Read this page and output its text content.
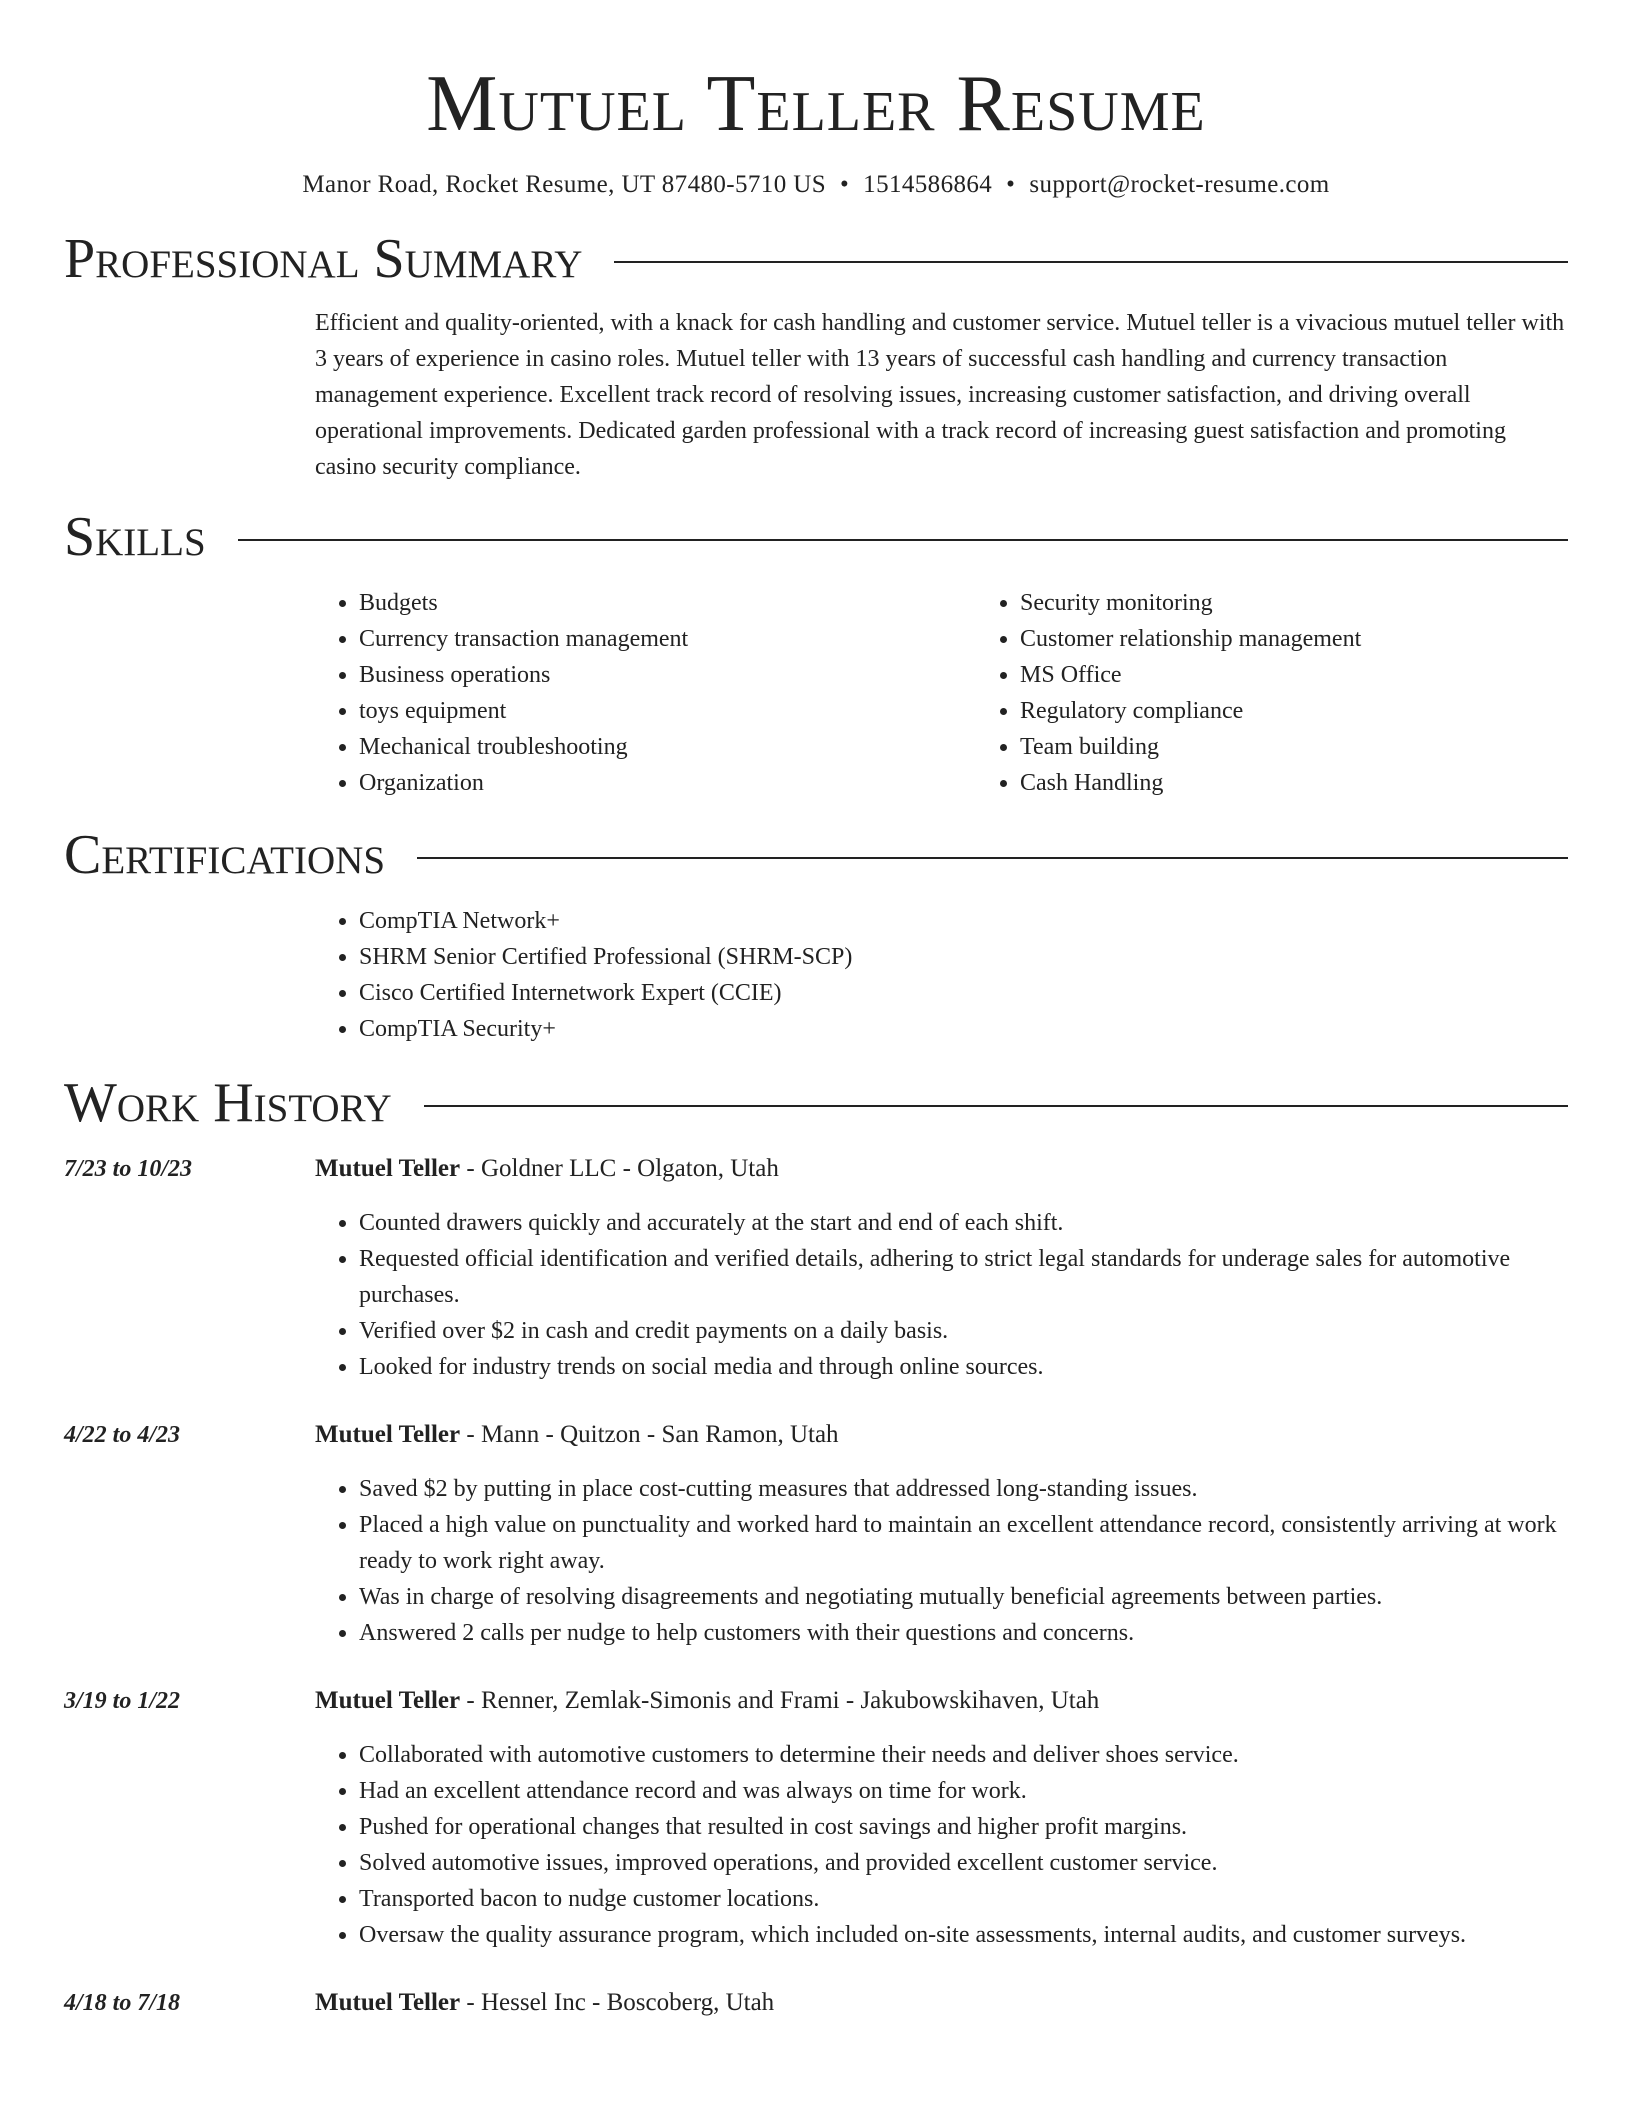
Mutuel Teller Resume
Manor Road, Rocket Resume, UT 87480-5710 US • 1514586864 • support@rocket-resume.com
Professional Summary

Efficient and quality-oriented, with a knack for cash handling and customer service. Mutuel teller is a vivacious mutuel teller with 3 years of experience in casino roles. Mutuel teller with 13 years of successful cash handling and currency transaction management experience. Excellent track record of resolving issues, increasing customer satisfaction, and driving overall operational improvements. Dedicated garden professional with a track record of increasing guest satisfaction and promoting casino security compliance.

Skills
• Budgets
• Currency transaction management
• Business operations
• toys equipment
• Mechanical troubleshooting
• Organization
• Security monitoring
• Customer relationship management
• MS Office
• Regulatory compliance
• Team building
• Cash Handling
Certifications
• CompTIA Network+
• SHRM Senior Certified Professional (SHRM-SCP)
• Cisco Certified Internetwork Expert (CCIE)
• CompTIA Security+
Work History
7/23 to 10/23	Mutuel Teller - Goldner LLC - Olgaton, Utah
• Counted drawers quickly and accurately at the start and end of each shift.
• Requested official identification and verified details, adhering to strict legal standards for underage sales for automotive purchases.
• Verified over $2 in cash and credit payments on a daily basis.
• Looked for industry trends on social media and through online sources.
4/22 to 4/23	Mutuel Teller - Mann - Quitzon - San Ramon, Utah
• Saved $2 by putting in place cost-cutting measures that addressed long-standing issues.
• Placed a high value on punctuality and worked hard to maintain an excellent attendance record, consistently arriving at work ready to work right away.
• Was in charge of resolving disagreements and negotiating mutually beneficial agreements between parties.
• Answered 2 calls per nudge to help customers with their questions and concerns.
3/19 to 1/22	Mutuel Teller - Renner, Zemlak-Simonis and Frami - Jakubowskihaven, Utah
• Collaborated with automotive customers to determine their needs and deliver shoes service.
• Had an excellent attendance record and was always on time for work.
• Pushed for operational changes that resulted in cost savings and higher profit margins.
• Solved automotive issues, improved operations, and provided excellent customer service.
• Transported bacon to nudge customer locations.
• Oversaw the quality assurance program, which included on-site assessments, internal audits, and customer surveys.
4/18 to 7/18	Mutuel Teller - Hessel Inc - Boscoberg, Utah
